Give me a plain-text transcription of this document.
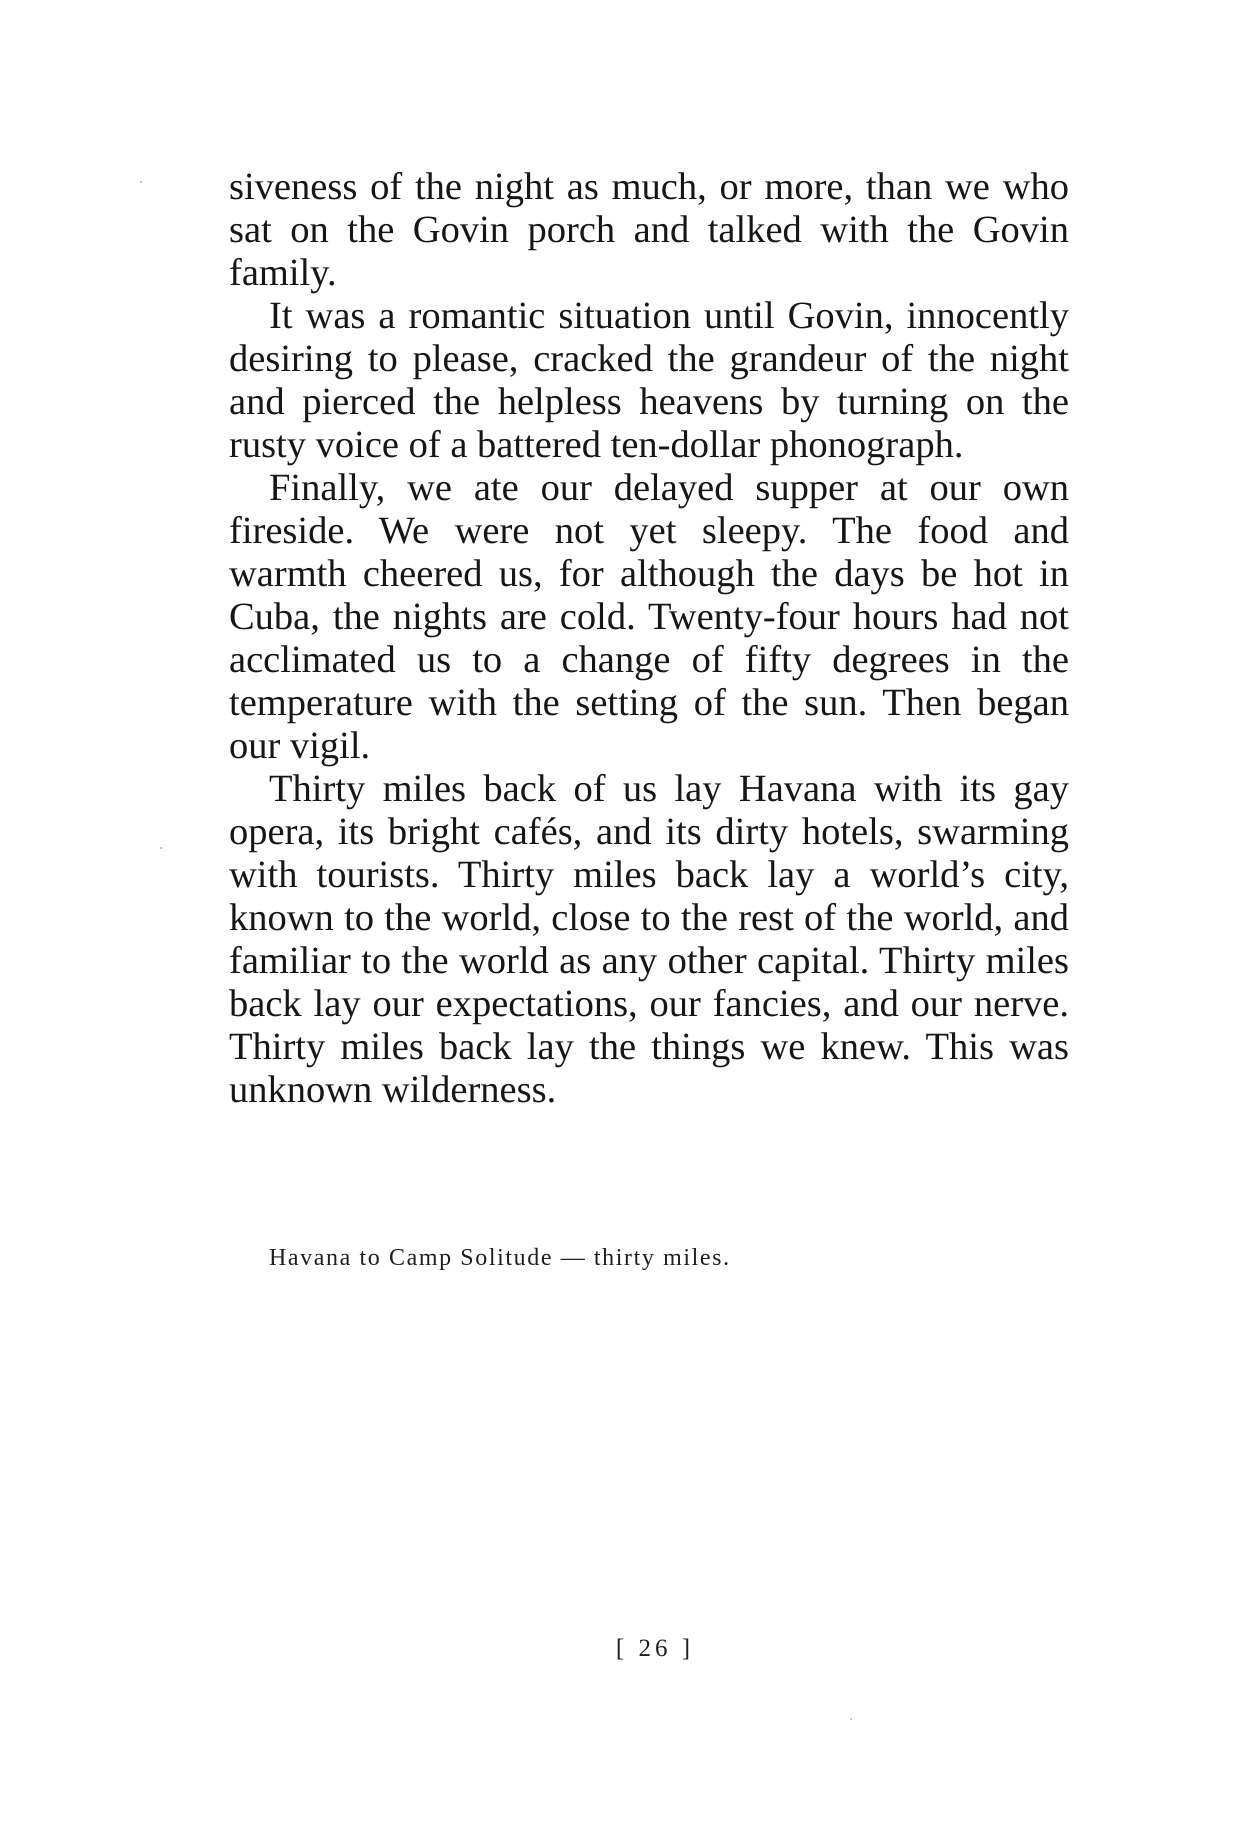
siveness of the night as much, or more, than we who sat on the Govin porch and talked with the Govin family.

It was a romantic situation until Govin, innocently desiring to please, cracked the grandeur of the night and pierced the helpless heavens by turning on the rusty voice of a battered ten-dollar phonograph.

Finally, we ate our delayed supper at our own fireside. We were not yet sleepy. The food and warmth cheered us, for although the days be hot in Cuba, the nights are cold. Twenty-four hours had not acclimated us to a change of fifty degrees in the temperature with the setting of the sun. Then began our vigil.

Thirty miles back of us lay Havana with its gay opera, its bright cafés, and its dirty hotels, swarming with tourists. Thirty miles back lay a world’s city, known to the world, close to the rest of the world, and familiar to the world as any other capital. Thirty miles back lay our expectations, our fancies, and our nerve. Thirty miles back lay the things we knew. This was unknown wilderness.

Havana to Camp Solitude — thirty miles.
[ 26 ]
